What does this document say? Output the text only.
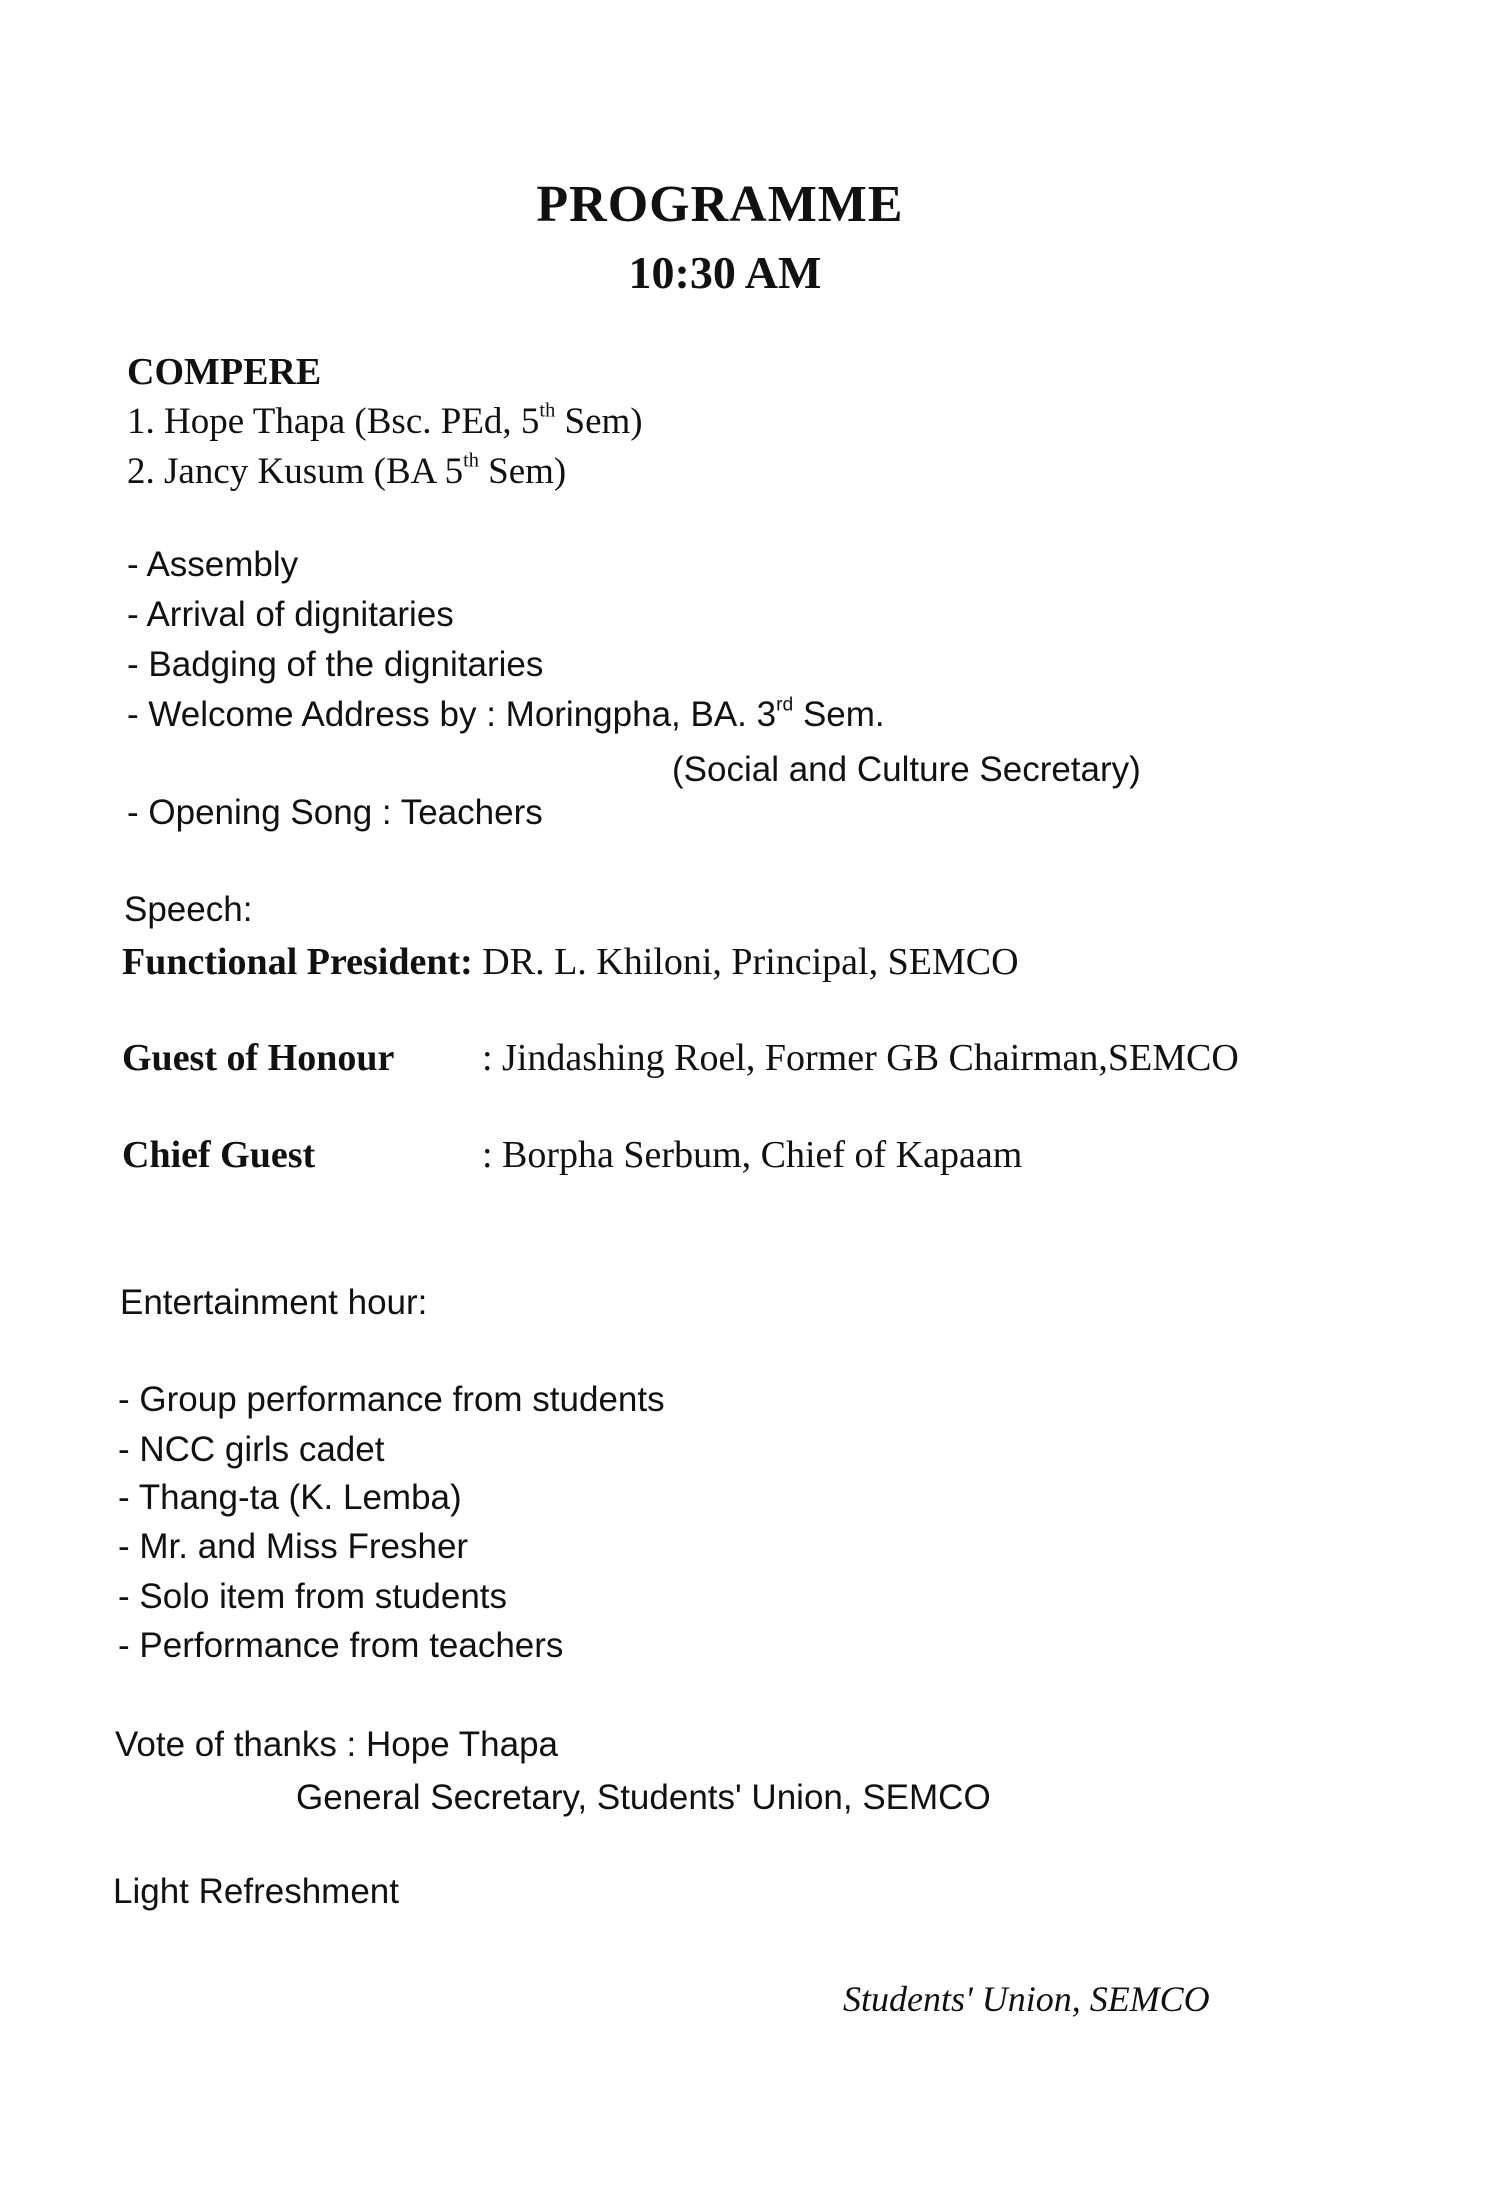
PROGRAMME
10:30 AM
COMPERE
1. Hope Thapa (Bsc. PEd, 5th Sem)
2. Jancy Kusum (BA 5th Sem)
- Assembly
- Arrival of dignitaries
- Badging of the dignitaries
- Welcome Address by : Moringpha, BA. 3rd Sem.
(Social and Culture Secretary)
- Opening Song : Teachers
Speech:
Functional President: DR. L. Khiloni, Principal, SEMCO
Guest of Honour : Jindashing Roel, Former GB Chairman,SEMCO
Chief Guest	: Borpha Serbum, Chief of Kapaam
Entertainment hour:
- Group performance from students
- NCC girls cadet
- Thang-ta (K. Lemba)
- Mr. and Miss Fresher
- Solo item from students
- Performance from teachers
Vote of thanks : Hope Thapa
General Secretary, Students' Union, SEMCO
Light Refreshment
Students' Union, SEMCO
